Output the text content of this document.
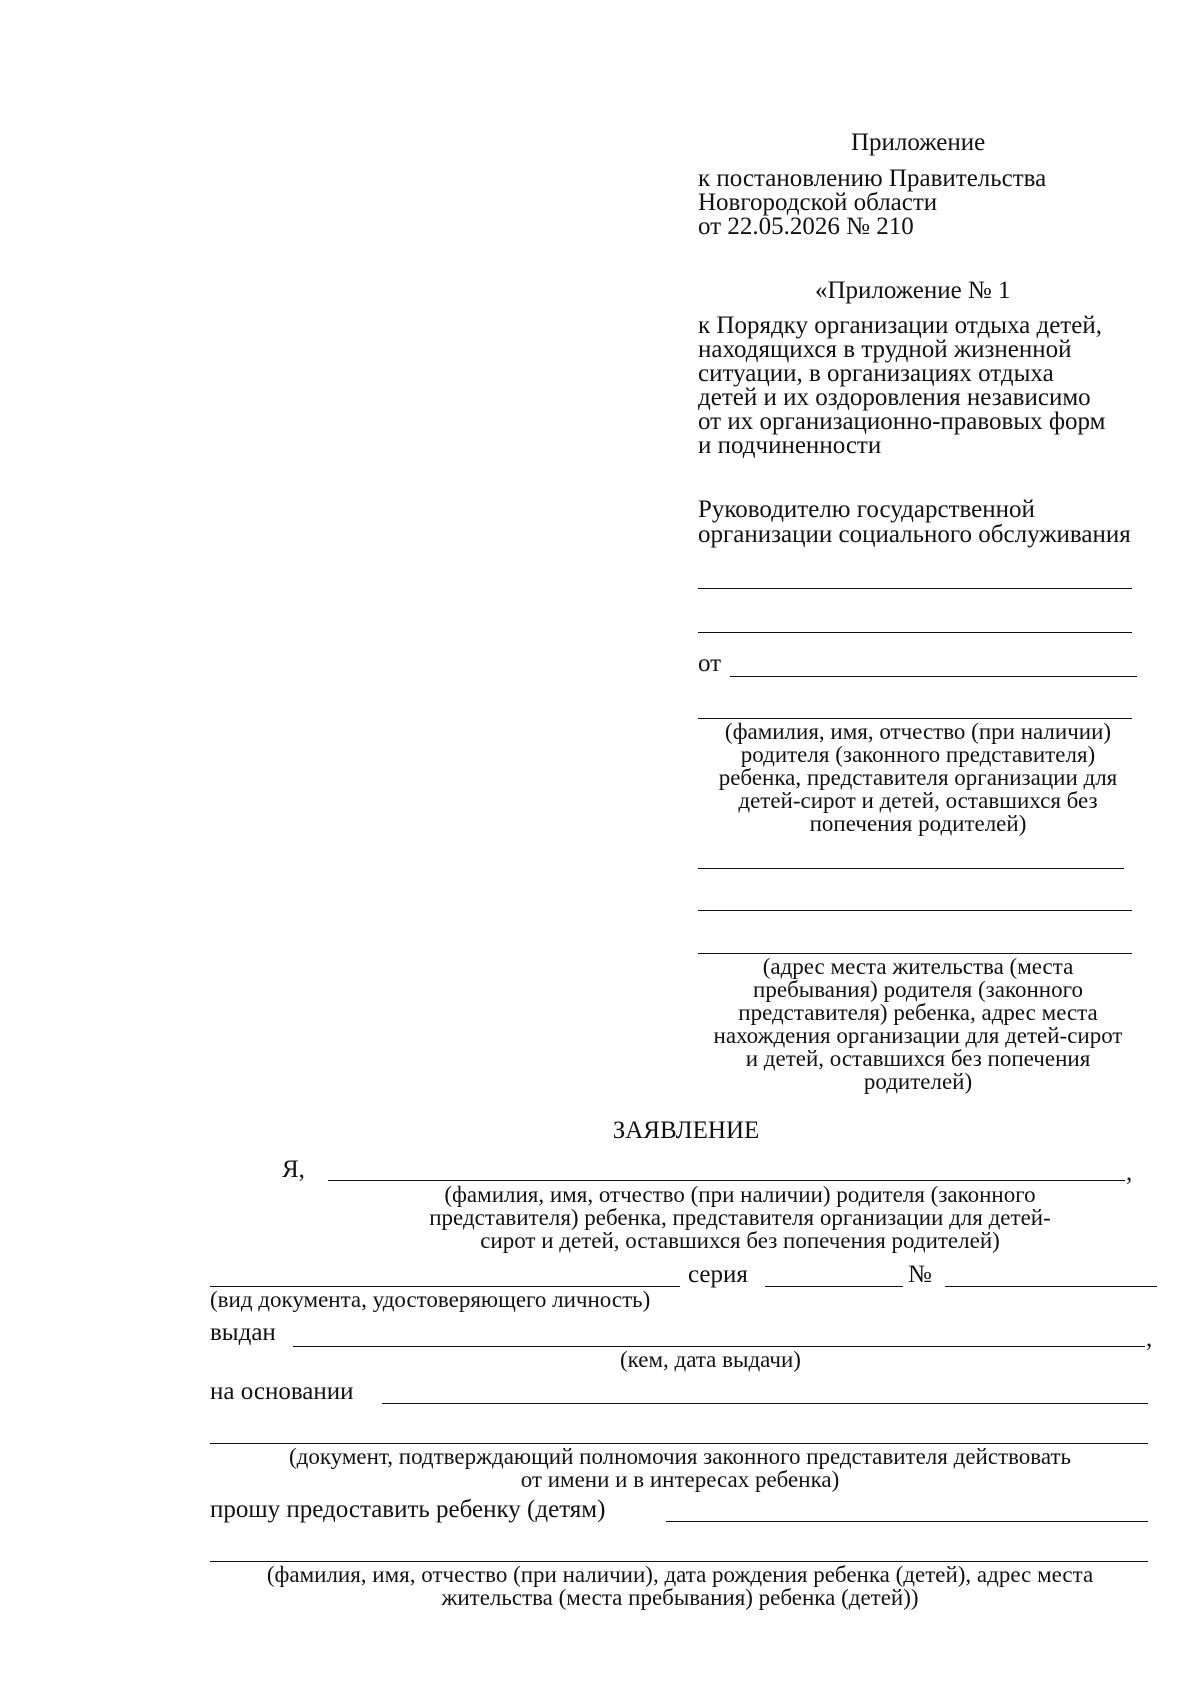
Приложение
к постановлению Правительства
Новгородской области
от 22.05.2026 № 210
«Приложение № 1
к Порядку организации отдыха детей,
находящихся в трудной жизненной
ситуации, в организациях отдыха
детей и их оздоровления независимо
от их организационно-правовых форм
и подчиненности
Руководителю государственной
организации социального обслуживания
от
(фамилия, имя, отчество (при наличии)
родителя (законного представителя)
ребенка, представителя организации для
детей-сирот и детей, оставшихся без
попечения родителей)
(адрес места жительства (места
пребывания) родителя (законного
представителя) ребенка, адрес места
нахождения организации для детей-сирот
и детей, оставшихся без попечения
родителей)
ЗАЯВЛЕНИЕ
Я,	,
(фамилия, имя, отчество (при наличии) родителя (законного
представителя) ребенка, представителя организации для детей-
сирот и детей, оставшихся без попечения родителей)
серия	№
(вид документа, удостоверяющего личность)
выдан	,
(кем, дата выдачи)
на основании
(документ, подтверждающий полномочия законного представителя действовать
от имени и в интересах ребенка)
прошу предоставить ребенку (детям)
(фамилия, имя, отчество (при наличии), дата рождения ребенка (детей), адрес места
жительства (места пребывания) ребенка (детей))
